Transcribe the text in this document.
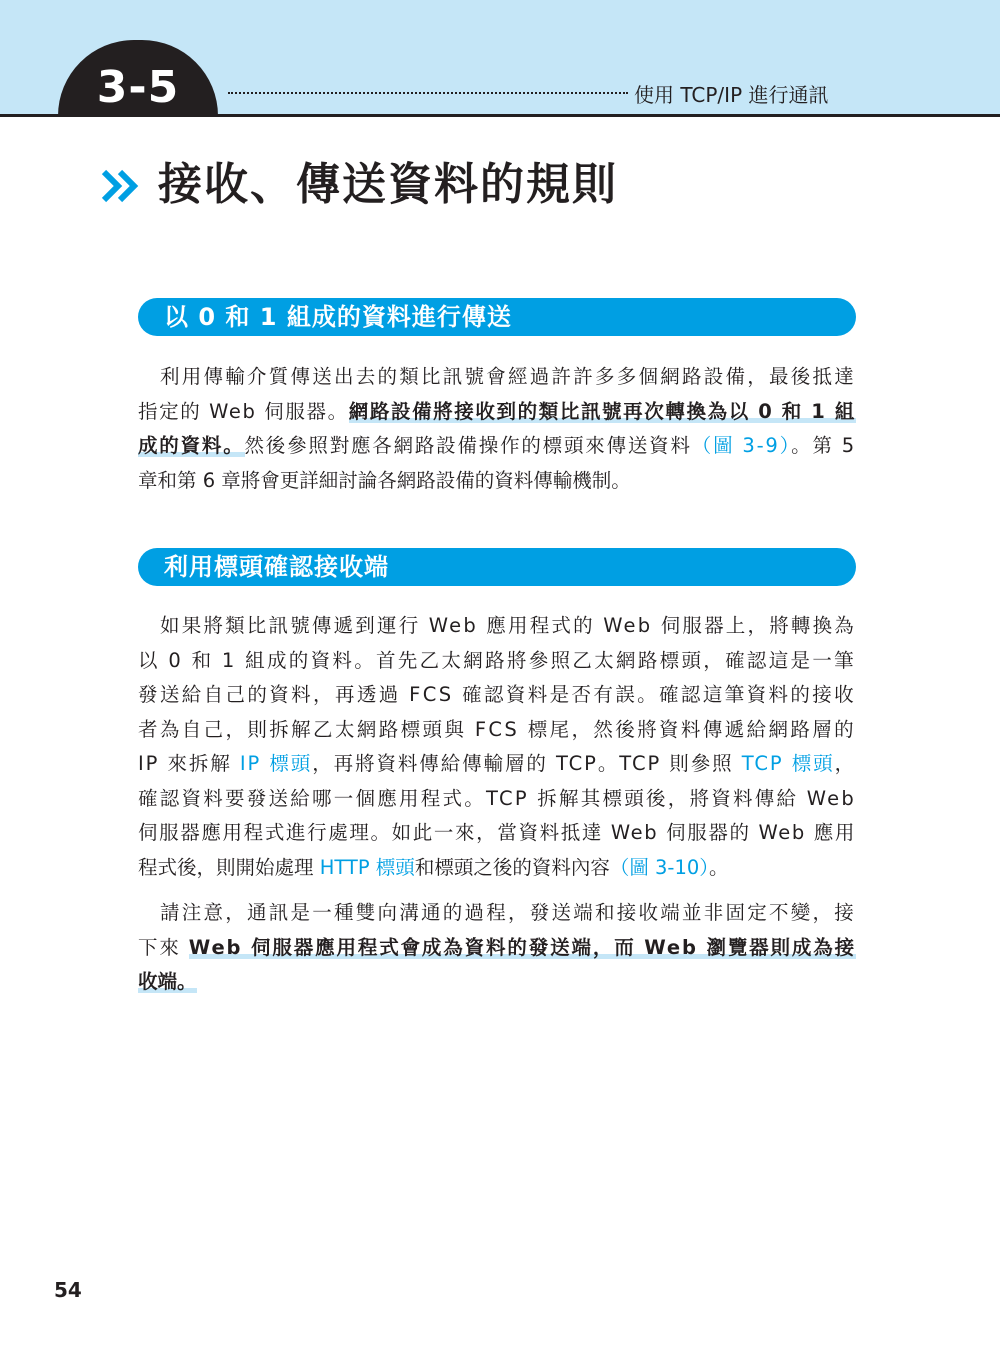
3-5	使用 TCP/IP 進行通訊
接收、傳送資料的規則
以 0 和 1 組成的資料進行傳送
利用傳輸介質傳送出去的類比訊號會經過許許多多個網路設備，最後抵達
指定的 Web 伺服器。網路設備將接收到的類比訊號再次轉換為以 0 和 1 組
成的資料。然後參照對應各網路設備操作的標頭來傳送資料（圖 3-9）。第 5
章和第 6 章將會更詳細討論各網路設備的資料傳輸機制。
利用標頭確認接收端
如果將類比訊號傳遞到運行 Web 應用程式的 Web 伺服器上，將轉換為
以 0 和 1 組成的資料。首先乙太網路將參照乙太網路標頭，確認這是一筆
發送給自己的資料，再透過 FCS 確認資料是否有誤。確認這筆資料的接收
者為自己，則拆解乙太網路標頭與 FCS 標尾，然後將資料傳遞給網路層的
IP 來拆解 IP 標頭，再將資料傳給傳輸層的 TCP。TCP 則參照 TCP 標頭，
確認資料要發送給哪一個應用程式。TCP 拆解其標頭後，將資料傳給 Web
伺服器應用程式進行處理。如此一來，當資料抵達 Web 伺服器的 Web 應用
程式後，則開始處理 HTTP 標頭和標頭之後的資料內容（圖 3-10）。
請注意，通訊是一種雙向溝通的過程，發送端和接收端並非固定不變，接
下來 Web 伺服器應用程式會成為資料的發送端，而 Web 瀏覽器則成為接
收端。
54
